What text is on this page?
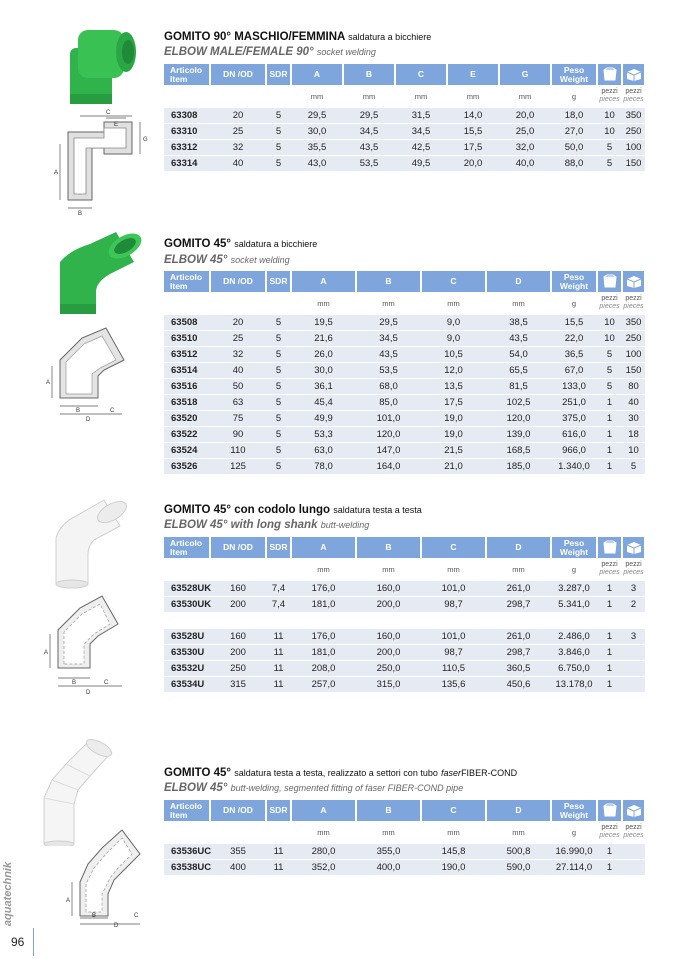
A
B
C
E
G
GOMITO 90° MASCHIO/FEMMINA saldatura a bicchiere
ELBOW MALE/FEMALE 90° socket welding
Articolo Item	DN /OD	SDR	A	B	C	E	G	Peso Weight		
			mm	mm	mm	mm	mm	g	pezzi
pieces	pezzi
pieces
63308	20	5	29,5	29,5	31,5	14,0	20,0	18,0	10	350
63310	25	5	30,0	34,5	34,5	15,5	25,0	27,0	10	250
63312	32	5	35,5	43,5	42,5	17,5	32,0	50,0	5	100
63314	40	5	43,0	53,5	49,5	20,0	40,0	88,0	5	150
A
B	C
D
GOMITO 45° saldatura a bicchiere
ELBOW 45° socket welding
Articolo Item	DN /OD	SDR	A	B	C	D	Peso Weight		
			mm	mm	mm	mm	g	pezzi
pieces	pezzi
pieces
63508	20	5	19,5	29,5	9,0	38,5	15,5	10	350
63510	25	5	21,6	34,5	9,0	43,5	22,0	10	250
63512	32	5	26,0	43,5	10,5	54,0	36,5	5	100
63514	40	5	30,0	53,5	12,0	65,5	67,0	5	150
63516	50	5	36,1	68,0	13,5	81,5	133,0	5	80
63518	63	5	45,4	85,0	17,5	102,5	251,0	1	40
63520	75	5	49,9	101,0	19,0	120,0	375,0	1	30
63522	90	5	53,3	120,0	19,0	139,0	616,0	1	18
63524	110	5	63,0	147,0	21,5	168,5	966,0	1	10
63526	125	5	78,0	164,0	21,0	185,0	1.340,0	1	5
A
B	C
D
GOMITO 45° con codolo lungo saldatura testa a testa
ELBOW 45° with long shank butt-welding
Articolo Item	DN /OD	SDR	A	B	C	D	Peso Weight		
			mm	mm	mm	mm	g	pezzi
pieces	pezzi
pieces
63528UK	160	7,4	176,0	160,0	101,0	261,0	3.287,0	1	3
63530UK	200	7,4	181,0	200,0	98,7	298,7	5.341,0	1	2

63528U	160	11	176,0	160,0	101,0	261,0	2.486,0	1	3
63530U	200	11	181,0	200,0	98,7	298,7	3.846,0	1	
63532U	250	11	208,0	250,0	110,5	360,5	6.750,0	1	
63534U	315	11	257,0	315,0	135,6	450,6	13.178,0	1	
A
B	C
D
GOMITO 45° saldatura testa a testa, realizzato a settori con tubo faserFIBER-COND
ELBOW 45° butt-welding, segmented fitting of faser FIBER-COND pipe
Articolo Item	DN /OD	SDR	A	B	C	D	Peso Weight		
			mm	mm	mm	mm	g	pezzi
pieces	pezzi
pieces
63536UC	355	11	280,0	355,0	145,8	500,8	16.990,0	1	
63538UC	400	11	352,0	400,0	190,0	590,0	27.114,0	1	
aquatechnik
96
